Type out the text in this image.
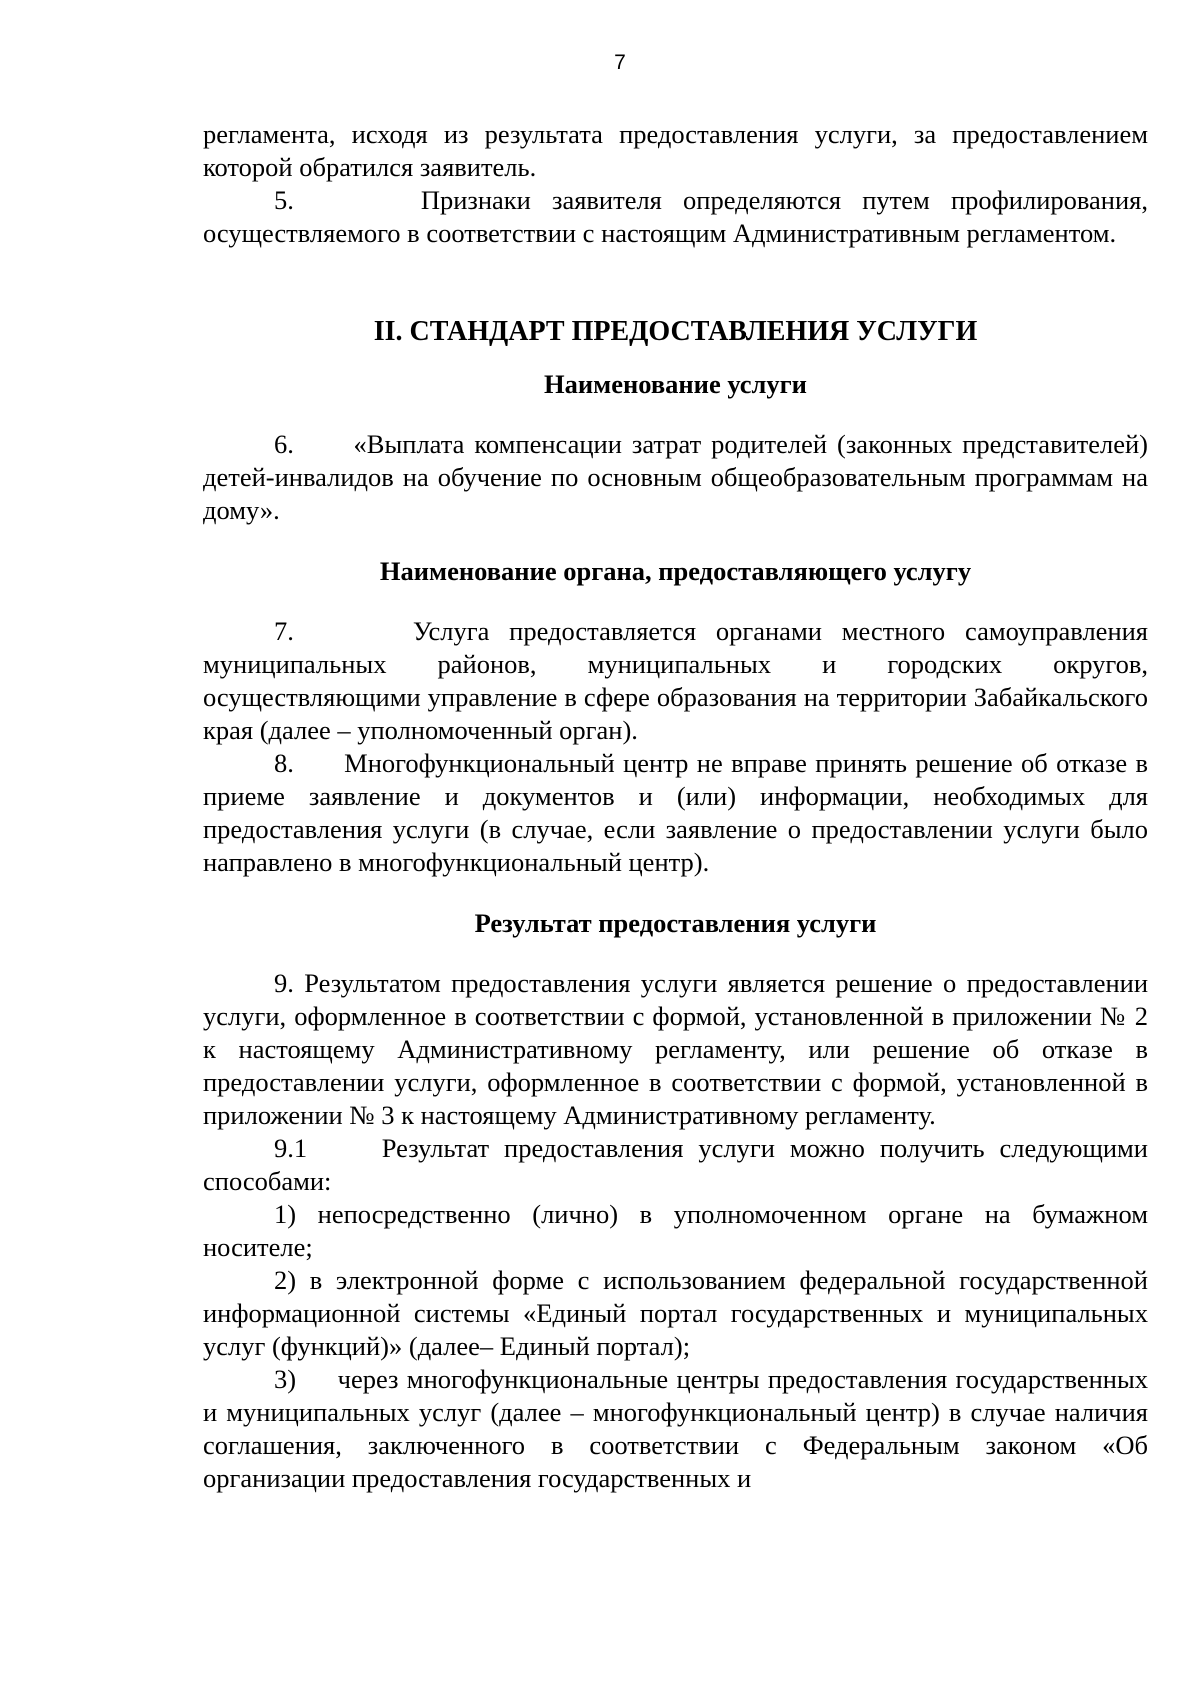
7

регламента, исходя из результата предоставления услуги, за предоставлением которой обратился заявитель.

5.      Признаки заявителя определяются путем профилирования, осуществляемого в соответствии с настоящим Административным регламентом.

II. СТАНДАРТ ПРЕДОСТАВЛЕНИЯ УСЛУГИ
Наименование услуги

6.      «Выплата компенсации затрат родителей (законных представителей) детей-инвалидов на обучение по основным общеобразовательным программам на дому».

Наименование органа, предоставляющего услугу

7.      Услуга предоставляется органами местного самоуправления муниципальных районов, муниципальных и городских округов, осуществляющими управление в сфере образования на территории Забайкальского края (далее – уполномоченный орган).

8.      Многофункциональный центр не вправе принять решение об отказе в приеме заявление и документов и (или) информации, необходимых для предоставления услуги (в случае, если заявление о предоставлении услуги было направлено в многофункциональный центр).

Результат предоставления услуги

9. Результатом предоставления услуги является решение о предоставлении услуги, оформленное в соответствии с формой, установленной в приложении № 2 к настоящему Административному регламенту, или решение об отказе в предоставлении услуги, оформленное в соответствии с формой, установленной в приложении № 3 к настоящему Административному регламенту.

9.1     Результат предоставления услуги можно получить следующими способами:

1) непосредственно (лично) в уполномоченном органе на бумажном носителе;

2) в электронной форме с использованием федеральной государственной информационной системы «Единый портал государственных и муниципальных услуг (функций)» (далее– Единый портал);

3)     через многофункциональные центры предоставления государственных и муниципальных услуг (далее – многофункциональный центр) в случае наличия соглашения, заключенного в соответствии с Федеральным законом «Об организации предоставления государственных и
